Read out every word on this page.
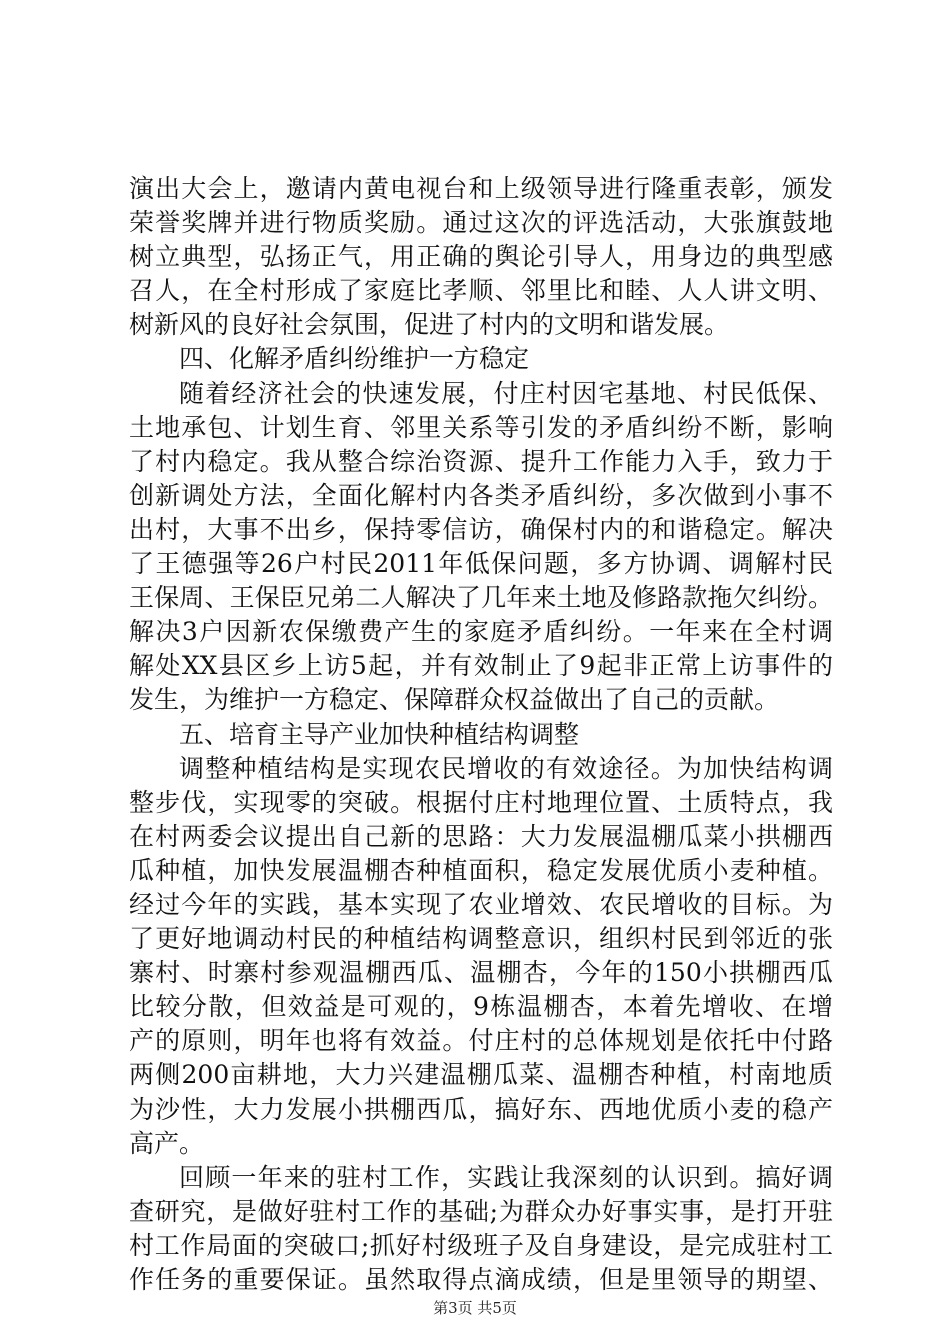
演出大会上，邀请内黄电视台和上级领导进行隆重表彰，颁发
荣誉奖牌并进行物质奖励。通过这次的评选活动，大张旗鼓地
树立典型，弘扬正气，用正确的舆论引导人，用身边的典型感
召人，在全村形成了家庭比孝顺、邻里比和睦、人人讲文明、
树新风的良好社会氛围，促进了村内的文明和谐发展。
四、化解矛盾纠纷维护一方稳定
随着经济社会的快速发展，付庄村因宅基地、村民低保、
土地承包、计划生育、邻里关系等引发的矛盾纠纷不断，影响
了村内稳定。我从整合综治资源、提升工作能力入手，致力于
创新调处方法，全面化解村内各类矛盾纠纷，多次做到小事不
出村，大事不出乡，保持零信访，确保村内的和谐稳定。解决
了王德强等26户村民2011年低保问题，多方协调、调解村民
王保周、王保臣兄弟二人解决了几年来土地及修路款拖欠纠纷。
解决3户因新农保缴费产生的家庭矛盾纠纷。一年来在全村调
解处XX县区乡上访5起，并有效制止了9起非正常上访事件的
发生，为维护一方稳定、保障群众权益做出了自己的贡献。
五、培育主导产业加快种植结构调整
调整种植结构是实现农民增收的有效途径。为加快结构调
整步伐，实现零的突破。根据付庄村地理位置、土质特点，我
在村两委会议提出自己新的思路：大力发展温棚瓜菜小拱棚西
瓜种植，加快发展温棚杏种植面积，稳定发展优质小麦种植。
经过今年的实践，基本实现了农业增效、农民增收的目标。为
了更好地调动村民的种植结构调整意识，组织村民到邻近的张
寨村、时寨村参观温棚西瓜、温棚杏，今年的150小拱棚西瓜
比较分散，但效益是可观的，9栋温棚杏，本着先增收、在增
产的原则，明年也将有效益。付庄村的总体规划是依托中付路
两侧200亩耕地，大力兴建温棚瓜菜、温棚杏种植，村南地质
为沙性，大力发展小拱棚西瓜，搞好东、西地优质小麦的稳产
高产。
回顾一年来的驻村工作，实践让我深刻的认识到。搞好调
查研究，是做好驻村工作的基础;为群众办好事实事，是打开驻
村工作局面的突破口;抓好村级班子及自身建设，是完成驻村工
作任务的重要保证。虽然取得点滴成绩，但是里领导的期望、
第3页 共5页
